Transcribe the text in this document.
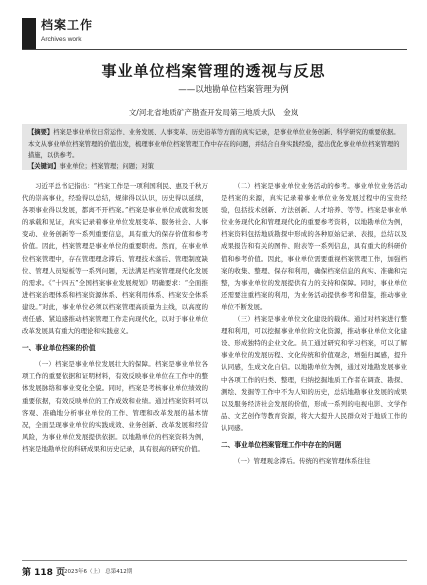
档案工作
Archives work
事业单位档案管理的透视与反思
——以地勘单位档案管理为例
文/河北省地质矿产勘查开发局第三地质大队　金岚
【摘要】档案是事业单位日常运作、业务发展、人事变革、历史沿革等方面的真实记录，是事业单位业务创新、科学研究的重要依据。本文从事业单位档案管理的价值出发，梳理事业单位档案管理工作中存在的问题，并结合自身实践经验，提出优化事业单位档案管理的措施，以供参考。
【关键词】事业单位；档案管理；问题；对策

习近平总书记指出：“档案工作是一项利国利民、惠及千秋万代的崇高事业，经验得以总结，规律得以认识，历史得以延续，各项事业得以发展，都离不开档案。”档案是事业单位成就和发展的承载和见证，真实记录着事业单位发展变革、服务社会、人事变动、业务创新等一系列重要信息，具有重大的保存价值和参考价值。因此，档案管理是事业单位的重要职责。然而，在事业单位档案管理中，存在管理理念滞后、管理技术落后、管理制度缺位、管理人员短板等一系列问题，无法满足档案管理现代化发展的需求。《“十四五”全国档案事业发展规划》明确要求：“全面推进档案治理体系和档案资源体系、档案利用体系、档案安全体系建设。”对此，事业单位必须以档案管理高质量为主线，以高度的责任感、紧迫感推动档案管理工作走向现代化，以对于事业单位改革发展具有重大的理论和实践意义。

一、事业单位档案的价值

（一）档案是事业单位发展壮大的保障。档案是事业单位各项工作的重要依据和证明材料，有效反映事业单位在工作中的整体发展脉络和事业变化全貌。同时，档案是考核事业单位绩效的重要依据，有效反映单位的工作成效和业绩。通过档案资料可以客观、准确地分析事业单位的工作、管理和改革发展的基本情况，全面呈现事业单位的实践成效、业务创新、改革发展和经营风险，为事业单位发展提供依据。以地勘单位的档案资料为例，档案是地勘单位的科研成果和历史记录，具有很高的研究价值。

（二）档案是事业单位业务活动的参考。事业单位业务活动是档案的来源，真实记录着事业单位业务发展过程中的宝贵经验，包括技术创新、方法创新、人才培养、等等。档案是事业单位业务现代化和管理现代化的重要参考资料，以地勘单位为例，档案资料包括地质勘探中形成的各种原始记录、表报，总结以及成果报告和有关的图件、附表等一系列信息，具有重大的科研价值和参考价值。因此，事业单位需要重视档案管理工作，加强档案的收集、整理、保存和利用，确保档案信息的真实、准确和完整，为事业单位的发展提供有力的支持和保障。同时，事业单位还需要注重档案的利用，为业务活动提供参考和借鉴，推动事业单位不断发展。

（三）档案是事业单位文化建设的载体。通过对档案进行整理和利用，可以挖掘事业单位的文化资源，推动事业单位文化建设、形成独特的企业文化。员工通过研究和学习档案，可以了解事业单位的发展历程、文化传统和价值观念，增强归属感，提升认同感，生成文化自信。以地勘单位为例，通过对地勘发展事业中各项工作的归类、整理，归纳挖掘地质工作者在调查、勘探、测绘、发掘等工作中不为人知的历史，总结地勘事业发展的成果以及服务经济社会发展的价值，形成一系列的电视电影、文学作品、文艺创作等教育资源，将大大提升人民群众对于地质工作的认同感。

二、事业单位档案管理工作中存在的问题

（一）管理观念滞后。传统的档案管理体系往往

第 118 页
2023年6（上） 总第412期
